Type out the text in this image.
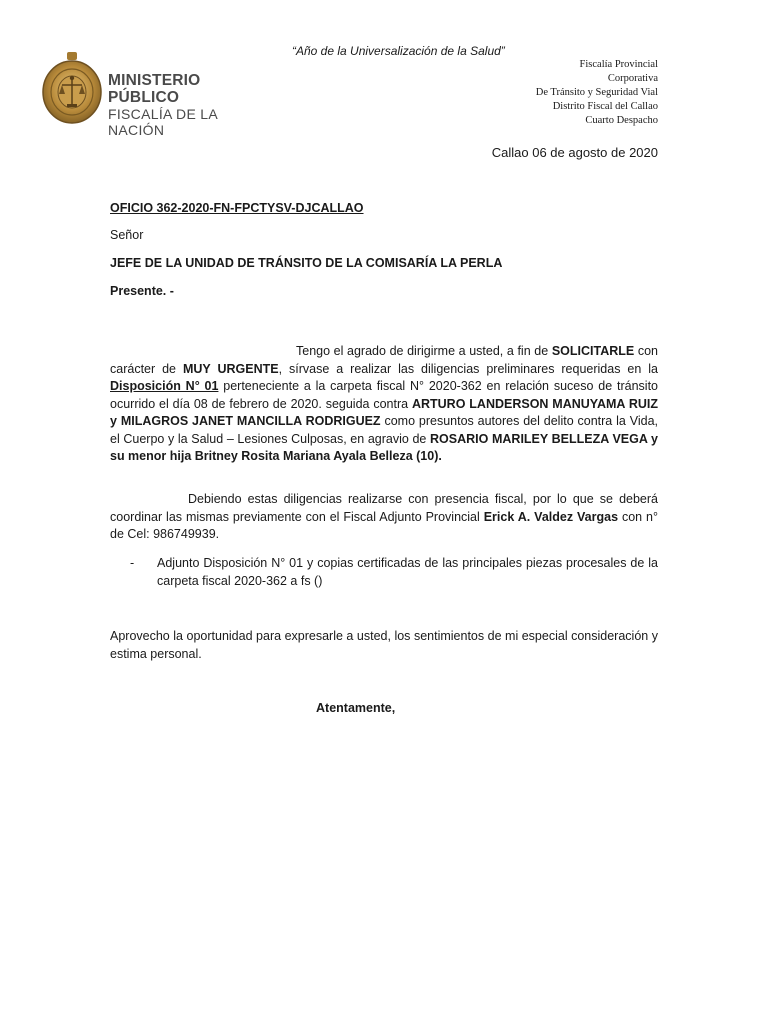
“Año de la Universalización de la Salud”
MINISTERIO PÚBLICO
FISCALÍA DE LA NACIÓN
Fiscalía Provincial
Corporativa
De Tránsito y Seguridad Vial
Distrito Fiscal del Callao
Cuarto Despacho
Callao 06 de agosto de 2020
OFICIO 362-2020-FN-FPCTYSV-DJCALLAO
Señor
JEFE DE LA UNIDAD DE TRÁNSITO DE LA COMISARÍA LA PERLA
Presente. -
Tengo el agrado de dirigirme a usted, a fin de SOLICITARLE con carácter de MUY URGENTE, sírvase a realizar las diligencias preliminares requeridas en la Disposición N° 01 perteneciente a la carpeta fiscal N° 2020-362 en relación suceso de tránsito ocurrido el día 08 de febrero de 2020. seguida contra ARTURO LANDERSON MANUYAMA RUIZ y MILAGROS JANET MANCILLA RODRIGUEZ como presuntos autores del delito contra la Vida, el Cuerpo y la Salud – Lesiones Culposas, en agravio de ROSARIO MARILEY BELLEZA VEGA y su menor hija Britney Rosita Mariana Ayala Belleza (10).
Debiendo estas diligencias realizarse con presencia fiscal, por lo que se deberá coordinar las mismas previamente con el Fiscal Adjunto Provincial Erick A. Valdez Vargas con n° de Cel: 986749939.
- Adjunto Disposición N° 01 y copias certificadas de las principales piezas procesales de la carpeta fiscal 2020-362 a fs ()
Aprovecho la oportunidad para expresarle a usted, los sentimientos de mi especial consideración y estima personal.
Atentamente,
